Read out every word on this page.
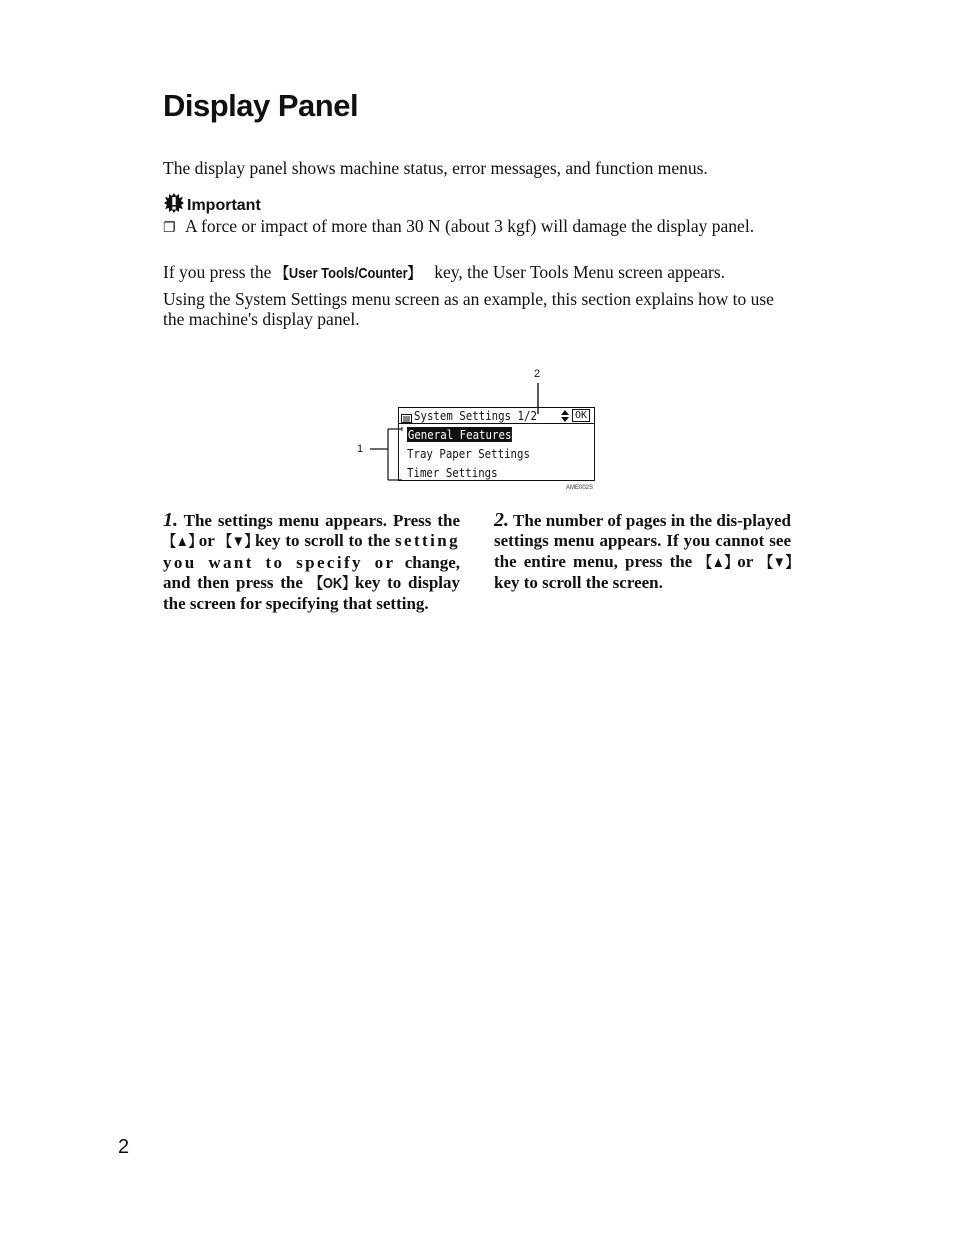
Display Panel
The display panel shows machine status, error messages, and function menus.
Important
❐ A force or impact of more than 30 N (about 3 kgf) will damage the display panel.
If you press the 【User Tools/Counter】 key, the User Tools Menu screen appears.
Using the System Settings menu screen as an example, this section explains how to use the machine's display panel.
2
1
System Settings 1/2	OK
General Features
Tray Paper Settings
Timer Settings
AME002S
1. The settings menu appears. Press the 【▲】 or 【▼】 key to scroll to the setting you want to specify or change, and then press the 【OK】 key to display the screen for specifying that setting.
2. The number of pages in the dis-played settings menu appears. If you cannot see the entire menu, press the 【▲】 or 【▼】 key to scroll the screen.
2
